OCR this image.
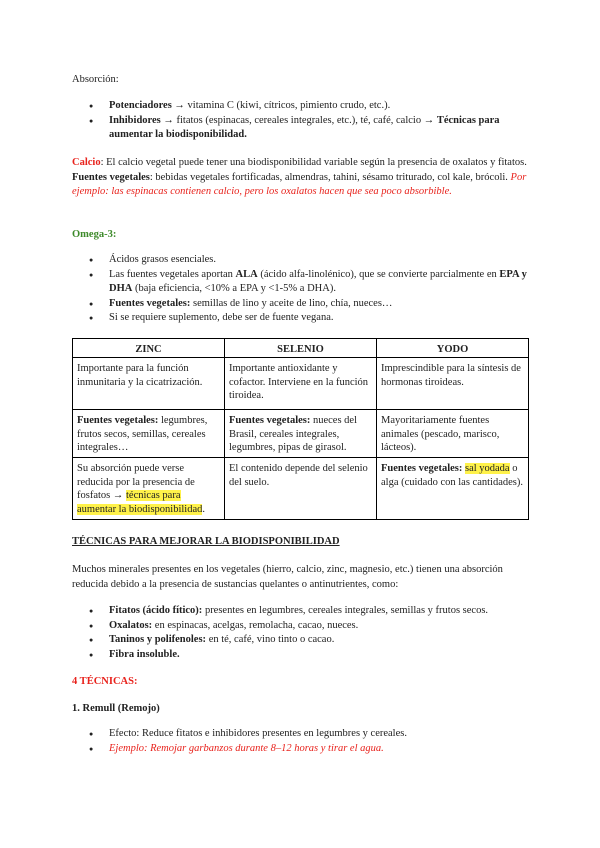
Absorción:

● Potenciadores → vitamina C (kiwi, cítricos, pimiento crudo, etc.).
● Inhibidores → fitatos (espinacas, cereales integrales, etc.), té, café, calcio → Técnicas para aumentar la biodisponibilidad.

Calcio: El calcio vegetal puede tener una biodisponibilidad variable según la presencia de oxalatos y fitatos. Fuentes vegetales: bebidas vegetales fortificadas, almendras, tahini, sésamo triturado, col kale, brócoli. Por ejemplo: las espinacas contienen calcio, pero los oxalatos hacen que sea poco absorbible.

Omega-3:

● Ácidos grasos esenciales.
● Las fuentes vegetales aportan ALA (ácido alfa-linolénico), que se convierte parcialmente en EPA y DHA (baja eficiencia, <10% a EPA y <1-5% a DHA).
● Fuentes vegetales: semillas de lino y aceite de lino, chía, nueces…
● Si se requiere suplemento, debe ser de fuente vegana.
ZINC	SELENIO	YODO
Importante para la función inmunitaria y la cicatrización.	Importante antioxidante y cofactor. Interviene en la función tiroidea.	Imprescindible para la síntesis de hormonas tiroideas.
Fuentes vegetales: legumbres, frutos secos, semillas, cereales integrales…	Fuentes vegetales: nueces del Brasil, cereales integrales, legumbres, pipas de girasol.	Mayoritariamente fuentes animales (pescado, marisco, lácteos).
Su absorción puede verse reducida por la presencia de fosfatos → técnicas para aumentar la biodisponibilidad.	El contenido depende del selenio del suelo.	Fuentes vegetales: sal yodada o alga (cuidado con las cantidades).

TÉCNICAS PARA MEJORAR LA BIODISPONIBILIDAD

Muchos minerales presentes en los vegetales (hierro, calcio, zinc, magnesio, etc.) tienen una absorción reducida debido a la presencia de sustancias quelantes o antinutrientes, como:

● Fitatos (ácido fítico): presentes en legumbres, cereales integrales, semillas y frutos secos.
● Oxalatos: en espinacas, acelgas, remolacha, cacao, nueces.
● Taninos y polifenoles: en té, café, vino tinto o cacao.
● Fibra insoluble.

4 TÉCNICAS:

1. Remull (Remojo)

● Efecto: Reduce fitatos e inhibidores presentes en legumbres y cereales.
● Ejemplo: Remojar garbanzos durante 8–12 horas y tirar el agua.
